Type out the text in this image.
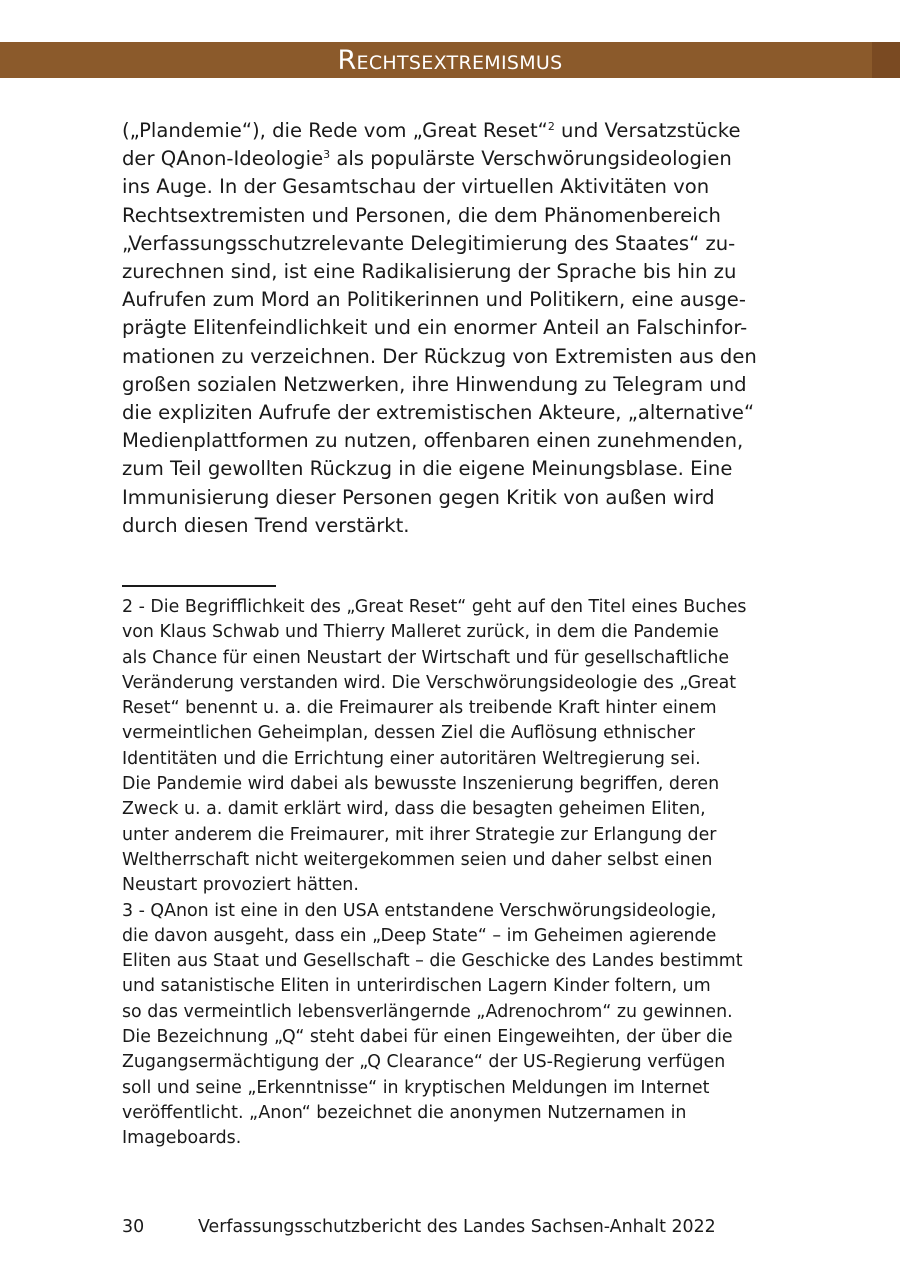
Rechtsextremismus
(„Plandemie“), die Rede vom „Great Reset“$^2$ und Versatzstücke
der QAnon-Ideologie$^3$ als populärste Verschwörungsideologien
ins Auge. In der Gesamtschau der virtuellen Aktivitäten von
Rechtsextremisten und Personen, die dem Phänomenbereich
„Verfassungsschutzrelevante Delegitimierung des Staates“ zu-
zurechnen sind, ist eine Radikalisierung der Sprache bis hin zu
Aufrufen zum Mord an Politikerinnen und Politikern, eine ausge-
prägte Elitenfeindlichkeit und ein enormer Anteil an Falschinfor-
mationen zu verzeichnen. Der Rückzug von Extremisten aus den
großen sozialen Netzwerken, ihre Hinwendung zu Telegram und
die expliziten Aufrufe der extremistischen Akteure, „alternative“
Medienplattformen zu nutzen, offenbaren einen zunehmenden,
zum Teil gewollten Rückzug in die eigene Meinungsblase. Eine
Immunisierung dieser Personen gegen Kritik von außen wird
durch diesen Trend verstärkt.
2 - Die Begrifflichkeit des „Great Reset“ geht auf den Titel eines Buches
von Klaus Schwab und Thierry Malleret zurück, in dem die Pandemie
als Chance für einen Neustart der Wirtschaft und für gesellschaftliche
Veränderung verstanden wird. Die Verschwörungsideologie des „Great
Reset“ benennt u. a. die Freimaurer als treibende Kraft hinter einem
vermeintlichen Geheimplan, dessen Ziel die Auflösung ethnischer
Identitäten und die Errichtung einer autoritären Weltregierung sei.
Die Pandemie wird dabei als bewusste Inszenierung begriffen, deren
Zweck u. a. damit erklärt wird, dass die besagten geheimen Eliten,
unter anderem die Freimaurer, mit ihrer Strategie zur Erlangung der
Weltherrschaft nicht weitergekommen seien und daher selbst einen
Neustart provoziert hätten.
3 - QAnon ist eine in den USA entstandene Verschwörungsideologie,
die davon ausgeht, dass ein „Deep State“ – im Geheimen agierende
Eliten aus Staat und Gesellschaft – die Geschicke des Landes bestimmt
und satanistische Eliten in unterirdischen Lagern Kinder foltern, um
so das vermeintlich lebensverlängernde „Adrenochrom“ zu gewinnen.
Die Bezeichnung „Q“ steht dabei für einen Eingeweihten, der über die
Zugangsermächtigung der „Q Clearance“ der US-Regierung verfügen
soll und seine „Erkenntnisse“ in kryptischen Meldungen im Internet
veröffentlicht. „Anon“ bezeichnet die anonymen Nutzernamen in
Imageboards.
30	Verfassungsschutzbericht des Landes Sachsen-Anhalt 2022
